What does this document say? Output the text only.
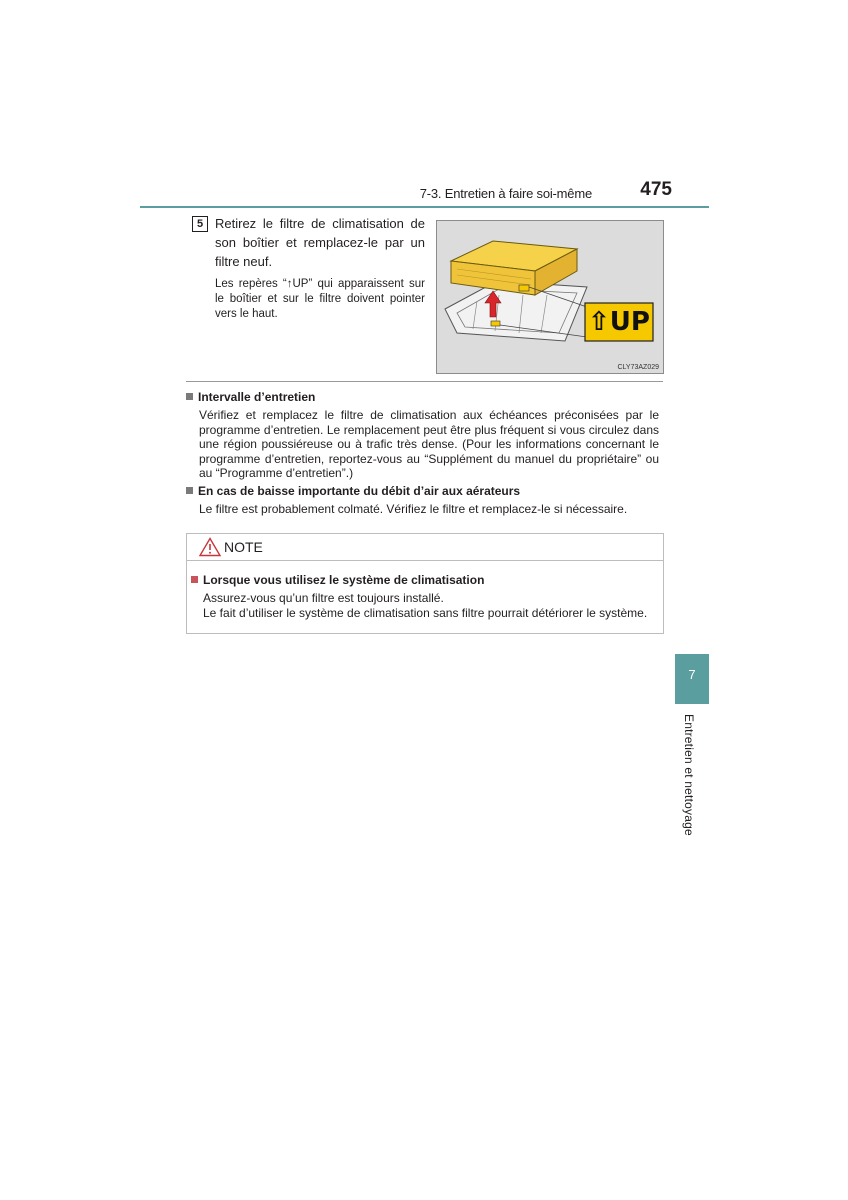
7-3. Entretien à faire soi-même	475
5 Retirez le filtre de climatisation de son boîtier et remplacez-le par un filtre neuf.
Les repères “↑UP” qui apparaissent sur le boîtier et sur le filtre doivent pointer vers le haut.	⇧UP
CLY73AZ029
Intervalle d’entretien
Vérifiez et remplacez le filtre de climatisation aux échéances préconisées par le programme d’entretien. Le remplacement peut être plus fréquent si vous circulez dans une région poussiéreuse ou à trafic très dense. (Pour les informations concernant le programme d’entretien, reportez-vous au “Supplément du manuel du propriétaire” ou au “Programme d’entretien”.)
En cas de baisse importante du débit d’air aux aérateurs
Le filtre est probablement colmaté. Vérifiez le filtre et remplacez-le si nécessaire.
NOTE
Lorsque vous utilisez le système de climatisation
Assurez-vous qu’un filtre est toujours installé.
Le fait d’utiliser le système de climatisation sans filtre pourrait détériorer le système.
7
Entretien et nettoyage
